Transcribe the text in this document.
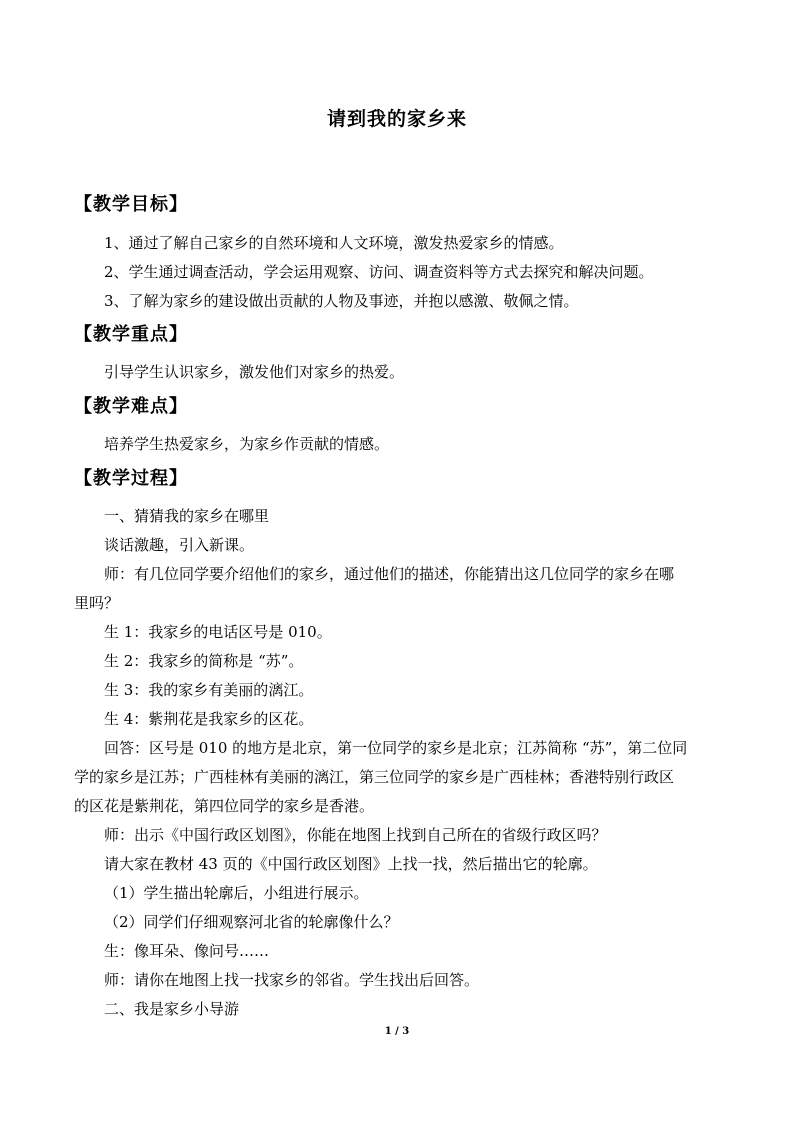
请到我的家乡来
【教学目标】
1、通过了解自己家乡的自然环境和人文环境，激发热爱家乡的情感。
2、学生通过调查活动，学会运用观察、访问、调查资料等方式去探究和解决问题。
3、了解为家乡的建设做出贡献的人物及事迹，并抱以感激、敬佩之情。
【教学重点】
引导学生认识家乡，激发他们对家乡的热爱。
【教学难点】
培养学生热爱家乡，为家乡作贡献的情感。
【教学过程】
一、猜猜我的家乡在哪里
谈话激趣，引入新课。
师：有几位同学要介绍他们的家乡，通过他们的描述，你能猜出这几位同学的家乡在哪
里吗？
生 1：我家乡的电话区号是 010。
生 2：我家乡的简称是 “苏”。
生 3：我的家乡有美丽的漓江。
生 4：紫荆花是我家乡的区花。
回答：区号是 010 的地方是北京，第一位同学的家乡是北京；江苏简称 “苏”，第二位同
学的家乡是江苏；广西桂林有美丽的漓江，第三位同学的家乡是广西桂林；香港特别行政区
的区花是紫荆花，第四位同学的家乡是香港。
师：出示《中国行政区划图》，你能在地图上找到自己所在的省级行政区吗？
请大家在教材 43 页的《中国行政区划图》上找一找，然后描出它的轮廓。
（1）学生描出轮廓后，小组进行展示。
（2）同学们仔细观察河北省的轮廓像什么？
生：像耳朵、像问号……
师：请你在地图上找一找家乡的邻省。学生找出后回答。
二、我是家乡小导游
1 / 3
